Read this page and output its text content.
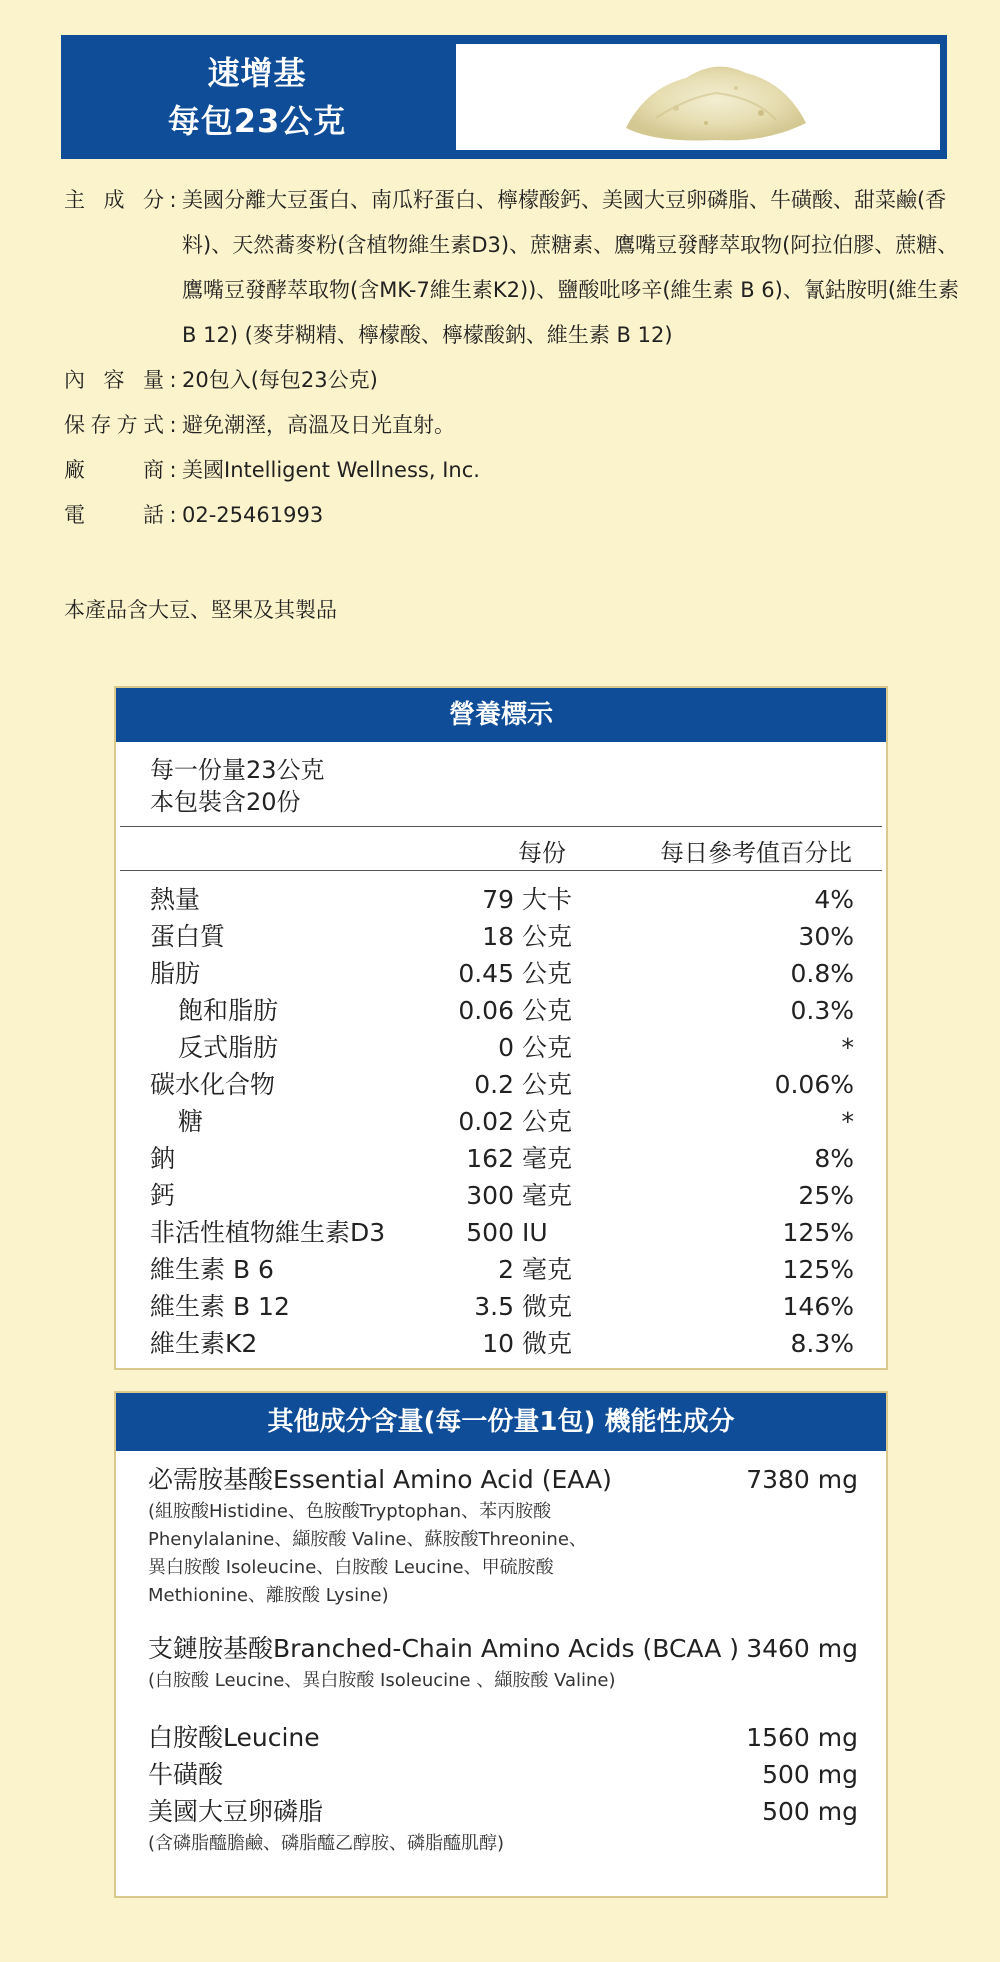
速增基
每包23公克
主成分 : 美國分離大豆蛋白、南瓜籽蛋白、檸檬酸鈣、美國大豆卵磷脂、牛磺酸、甜菜鹼(香料)、天然蕎麥粉(含植物維生素D3)、蔗糖素、鷹嘴豆發酵萃取物(阿拉伯膠、蔗糖、鷹嘴豆發酵萃取物(含MK-7維生素K2))、鹽酸吡哆辛(維生素 B 6)、氰鈷胺明(維生素 B 12) (麥芽糊精、檸檬酸、檸檬酸鈉、維生素 B 12)
內容量 : 20包入(每包23公克)
保存方式 : 避免潮溼，高溫及日光直射。
廠商 : 美國Intelligent Wellness, Inc.
電話 : 02-25461993
本產品含大豆、堅果及其製品
營養標示
每一份量23公克
本包裝含20份
每份	每日參考值百分比
熱量	79 大卡	4%
蛋白質	18 公克	30%
脂肪	0.45 公克	0.8%
飽和脂肪	0.06 公克	0.3%
反式脂肪	0 公克	*
碳水化合物	0.2 公克	0.06%
糖	0.02 公克	*
鈉	162 毫克	8%
鈣	300 毫克	25%
非活性植物維生素D3	500 IU	125%
維生素 B 6	2 毫克	125%
維生素 B 12	3.5 微克	146%
維生素K2	10 微克	8.3%
其他成分含量(每一份量1包) 機能性成分
必需胺基酸Essential Amino Acid (EAA)	7380 mg
(組胺酸Histidine、色胺酸Tryptophan、苯丙胺酸
Phenylalanine、纈胺酸 Valine、蘇胺酸Threonine、
異白胺酸 Isoleucine、白胺酸 Leucine、甲硫胺酸
Methionine、離胺酸 Lysine)
支鏈胺基酸Branched-Chain Amino Acids (BCAA ) 3460 mg
(白胺酸 Leucine、異白胺酸 Isoleucine 、纈胺酸 Valine)
白胺酸Leucine	1560 mg
牛磺酸	500 mg
美國大豆卵磷脂	500 mg
(含磷脂醯膽鹼、磷脂醯乙醇胺、磷脂醯肌醇)
